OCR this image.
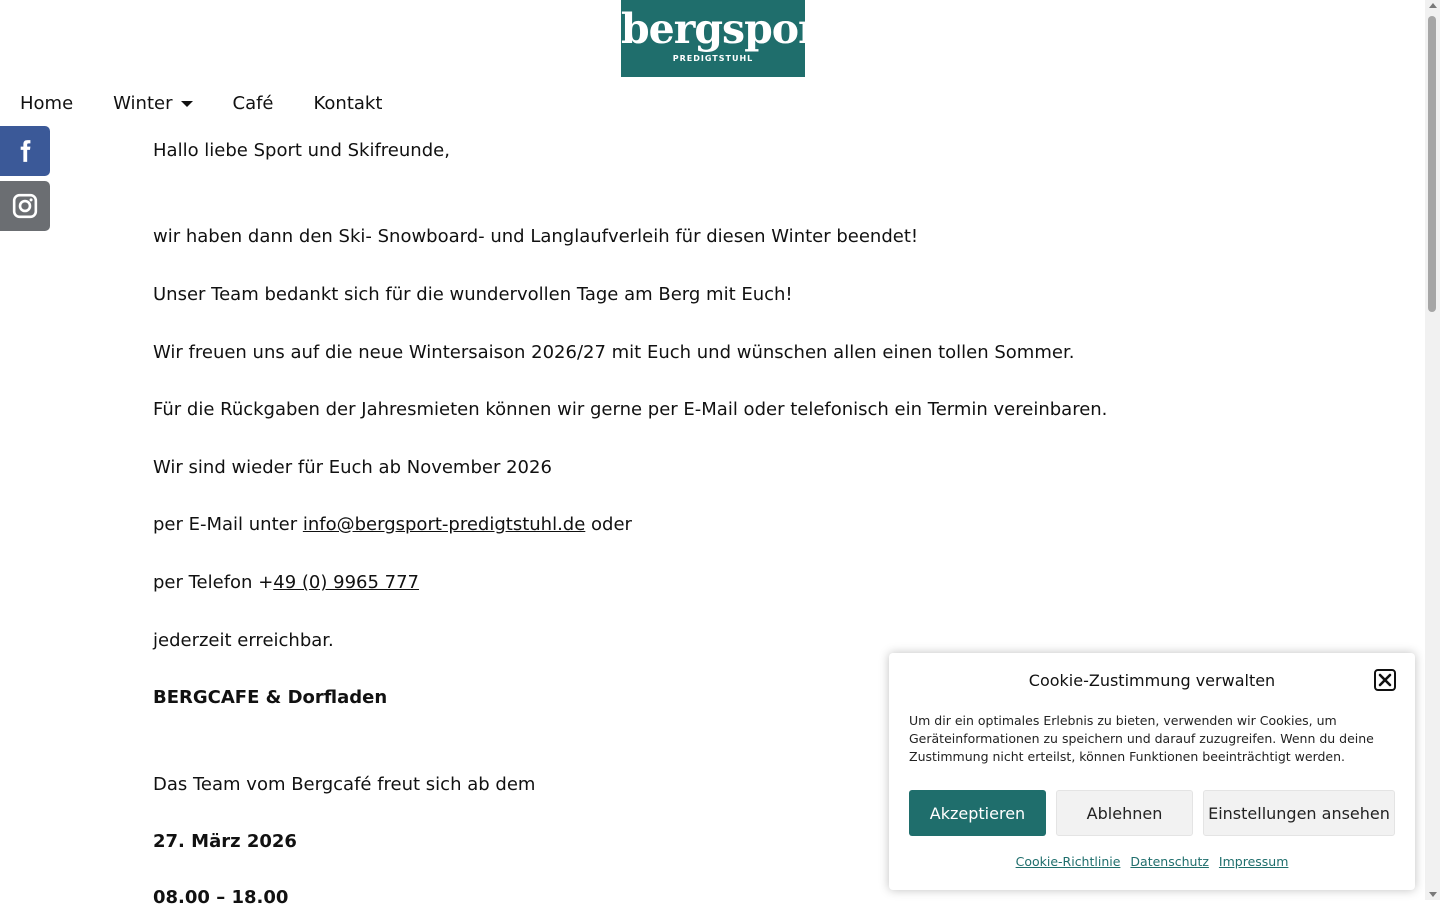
bergsport
PREDIGTSTUHL
Home Winter	Café Kontakt

Hallo liebe Sport und Skifreunde,

wir haben dann den Ski- Snowboard- und Langlaufverleih für diesen Winter beendet!

Unser Team bedankt sich für die wundervollen Tage am Berg mit Euch!

Wir freuen uns auf die neue Wintersaison 2026/27 mit Euch und wünschen allen einen tollen Sommer.

Für die Rückgaben der Jahresmieten können wir gerne per E-Mail oder telefonisch ein Termin vereinbaren.

Wir sind wieder für Euch ab November 2026

per E-Mail unter info@bergsport-predigtstuhl.de oder

per Telefon +49 (0) 9965 777

jederzeit erreichbar.

BERGCAFE & Dorfladen

Das Team vom Bergcafé freut sich ab dem

27. März 2026

08.00 – 18.00

Cookie-Zustimmung verwalten
Um dir ein optimales Erlebnis zu bieten, verwenden wir Cookies, um Geräteinformationen zu speichern und darauf zuzugreifen. Wenn du deine Zustimmung nicht erteilst, können Funktionen beeinträchtigt werden.
Akzeptieren	Ablehnen	Einstellungen ansehen
Cookie-Richtlinie Datenschutz Impressum
